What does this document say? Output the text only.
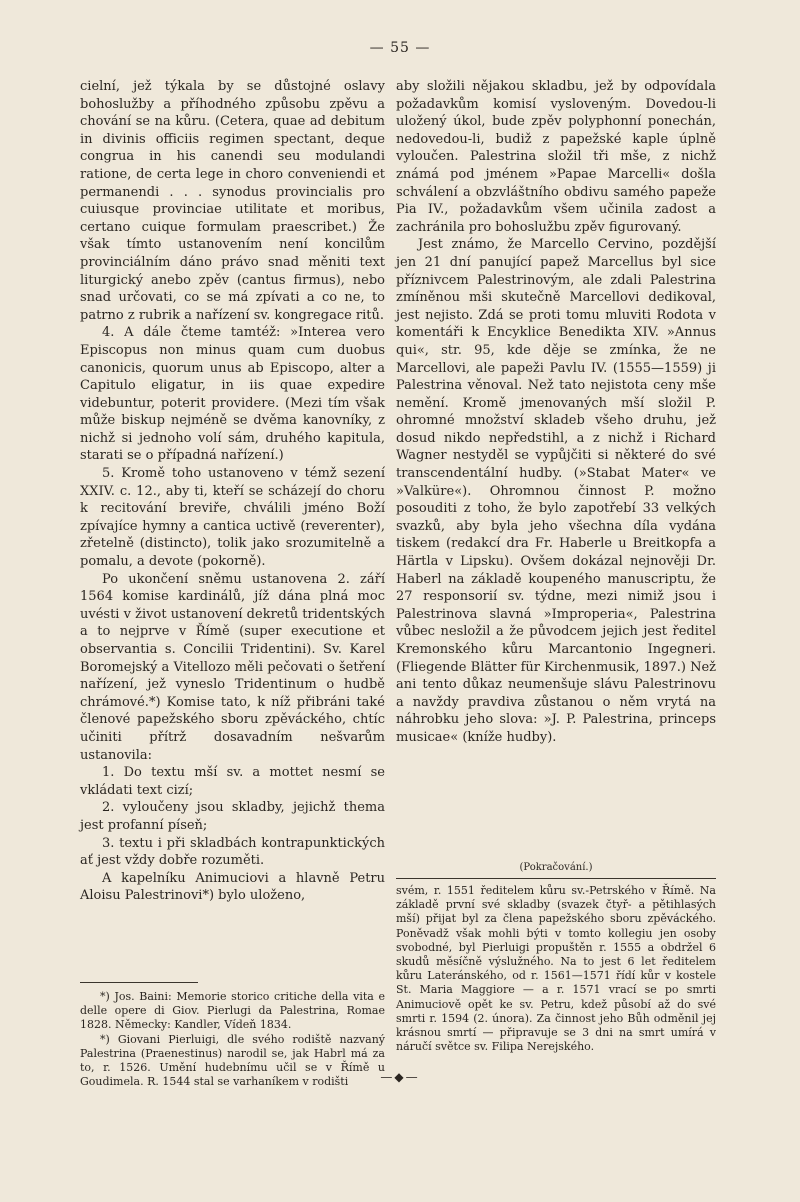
— 55 —

cielní, jež týkala by se důstojné oslavy bohoslužby a příhodného způsobu zpěvu a chování se na kůru. (Cetera, quae ad debitum in divinis officiis regimen spectant, deque congrua in his canendi seu modulandi ratione, de certa lege in choro conveniendi et permanendi . . . synodus provincialis pro cuiusque provinciae utilitate et moribus, certano cuique formulam praescribet.) Že však tímto ustanovením není koncilům provinciálním dáno právo snad měniti text liturgický anebo zpěv (cantus firmus), nebo snad určovati, co se má zpívati a co ne, to patrno z rubrik a nařízení sv. kongregace ritů.

4. A dále čteme tamtéž: »Interea vero Episcopus non minus quam cum duobus canonicis, quorum unus ab Episcopo, alter a Capitulo eligatur, in iis quae expedire videbuntur, poterit providere. (Mezi tím však může biskup nejméně se dvěma kanovníky, z nichž si jednoho volí sám, druhého kapitula, starati se o případná nařízení.)

5. Kromě toho ustanoveno v témž sezení XXIV. c. 12., aby ti, kteří se scházejí do choru k recitování breviře, chválili jméno Boží zpívajíce hymny a cantica uctivě (reverenter), zřetelně (distincto), tolik jako srozumitelně a pomalu, a devote (pokorně).

Po ukončení sněmu ustanovena 2. září 1564 komise kardinálů, jíž dána plná moc uvésti v život ustanovení dekretů tridentských a to nejprve v Římě (super executione et observantia s. Concilii Tridentini). Sv. Karel Boromejský a Vitellozo měli pečovati o šetření nařízení, jež vyneslo Tridentinum o hudbě chrámové.*) Komise tato, k níž přibráni také členové papežského sboru zpěváckého, chtíc učiniti přítrž dosavadním nešvarům ustanovila:

1. Do textu mší sv. a mottet nesmí se vkládati text cizí;

2. vyloučeny jsou skladby, jejichž thema jest profanní píseň;

3. textu i při skladbách kontrapunktických ať jest vždy dobře rozuměti.

A kapelníku Animuciovi a hlavně Petru Aloisu Palestrinovi*) bylo uloženo,

aby složili nějakou skladbu, jež by odpovídala požadavkům komisí vysloveným. Dovedou-li uložený úkol, bude zpěv polyphonní ponechán, nedovedou-li, budiž z papežské kaple úplně vyloučen. Palestrina složil tři mše, z nichž známá pod jménem »Papae Marcelli« došla schválení a obzvláštního obdivu samého papeže Pia IV., požadavkům všem učinila zadost a zachránila pro bohoslužbu zpěv figurovaný.

Jest známo, že Marcello Cervino, pozdější jen 21 dní panující papež Marcellus byl sice příznivcem Palestrinovým, ale zdali Palestrina zmíněnou mši skutečně Marcellovi dedikoval, jest nejisto. Zdá se proti tomu mluviti Rodota v komentáři k Encyklice Benedikta XIV. »Annus qui«, str. 95, kde děje se zmínka, že ne Marcellovi, ale papeži Pavlu IV. (1555—1559) ji Palestrina věnoval. Než tato nejistota ceny mše nemění. Kromě jmenovaných mší složil P. ohromné množství skladeb všeho druhu, jež dosud nikdo nepředstihl, a z nichž i Richard Wagner nestyděl se vypůjčiti si některé do své transcendentální hudby. (»Stabat Mater« ve »Valküre«). Ohromnou činnost P. možno posouditi z toho, že bylo zapotřebí 33 velkých svazků, aby byla jeho všechna díla vydána tiskem (redakcí dra Fr. Haberle u Breitkopfa a Härtla v Lipsku). Ovšem dokázal nejnověji Dr. Haberl na základě koupeného manuscriptu, že 27 responsorií sv. týdne, mezi nimiž jsou i Palestrinova slavná »Improperia«, Palestrina vůbec nesložil a že původcem jejich jest ředitel Kremonského kůru Marcantonio Ingegneri. (Fliegende Blätter für Kirchenmusik, 1897.) Než ani tento důkaz neumenšuje slávu Palestrinovu a navždy pravdiva zůstanou o něm vrytá na náhrobku jeho slova: »J. P. Palestrina, princeps musicae« (kníže hudby).

(Pokračování.)

*) Jos. Baini: Memorie storico critiche della vita e delle opere di Giov. Pierlugi da Palestrina, Romae 1828. Německy: Kandler, Vídeň 1834.

*) Giovani Pierluigi, dle svého rodiště nazvaný Palestrina (Praenestinus) narodil se, jak Habrl má za to, r. 1526. Umění hudebnímu učil se v Římě u Goudimela. R. 1544 stal se varhaníkem v rodišti

svém, r. 1551 ředitelem kůru sv.-Petrského v Římě. Na základě první své skladby (svazek čtyř- a pětihlasých mší) přijat byl za člena papežského sboru zpěváckého. Poněvadž však mohli býti v tomto kollegiu jen osoby svobodné, byl Pierluigi propuštěn r. 1555 a obdržel 6 skudů měsíčně výslužného. Na to jest 6 let ředitelem kůru Lateránského, od r. 1561—1571 řídí kůr v kostele St. Maria Maggiore — a r. 1571 vrací se po smrti Animuciově opět ke sv. Petru, kdež působí až do své smrti r. 1594 (2. února). Za činnost jeho Bůh odměnil jej krásnou smrtí — připravuje se 3 dni na smrt umírá v náručí světce sv. Filipa Nerejského.

—◆—
